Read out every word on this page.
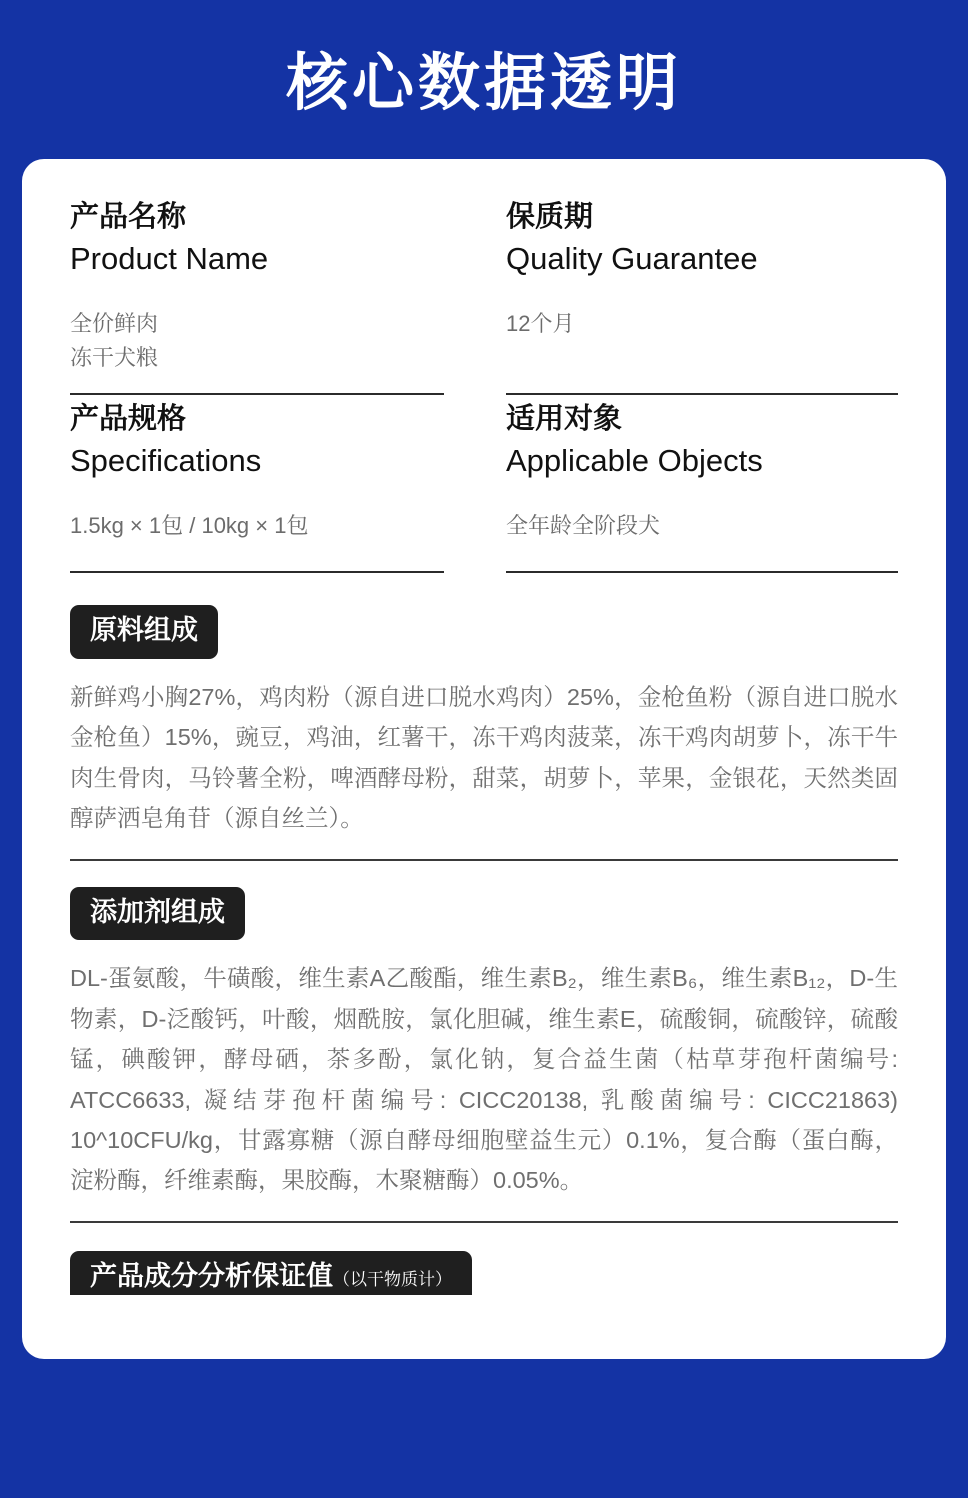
核心数据透明
产品名称
Product Name
全价鲜肉
冻干犬粮
保质期
Quality Guarantee
12个月
产品规格
Specifications
1.5kg × 1包 / 10kg × 1包
适用对象
Applicable Objects
全年龄全阶段犬
原料组成
新鲜鸡小胸27%，鸡肉粉（源自进口脱水鸡肉）25%，金枪鱼粉（源自进口脱水金枪鱼）15%，豌豆，鸡油，红薯干，冻干鸡肉菠菜，冻干鸡肉胡萝卜，冻干牛肉生骨肉，马铃薯全粉，啤酒酵母粉，甜菜，胡萝卜，苹果，金银花，天然类固醇萨洒皂角苷（源自丝兰）。
添加剂组成
DL-蛋氨酸，牛磺酸，维生素A乙酸酯，维生素B₂，维生素B₆，维生素B₁₂，D-生物素，D-泛酸钙，叶酸，烟酰胺，氯化胆碱，维生素E，硫酸铜，硫酸锌，硫酸锰，碘酸钾，酵母硒，茶多酚，氯化钠，复合益生菌（枯草芽孢杆菌编号: ATCC6633, 凝结芽孢杆菌编号: CICC20138, 乳酸菌编号: CICC21863) 10^10CFU/kg，甘露寡糖（源自酵母细胞壁益生元）0.1%，复合酶（蛋白酶，淀粉酶，纤维素酶，果胶酶，木聚糖酶）0.05%。
产品成分分析保证值（以干物质计）
